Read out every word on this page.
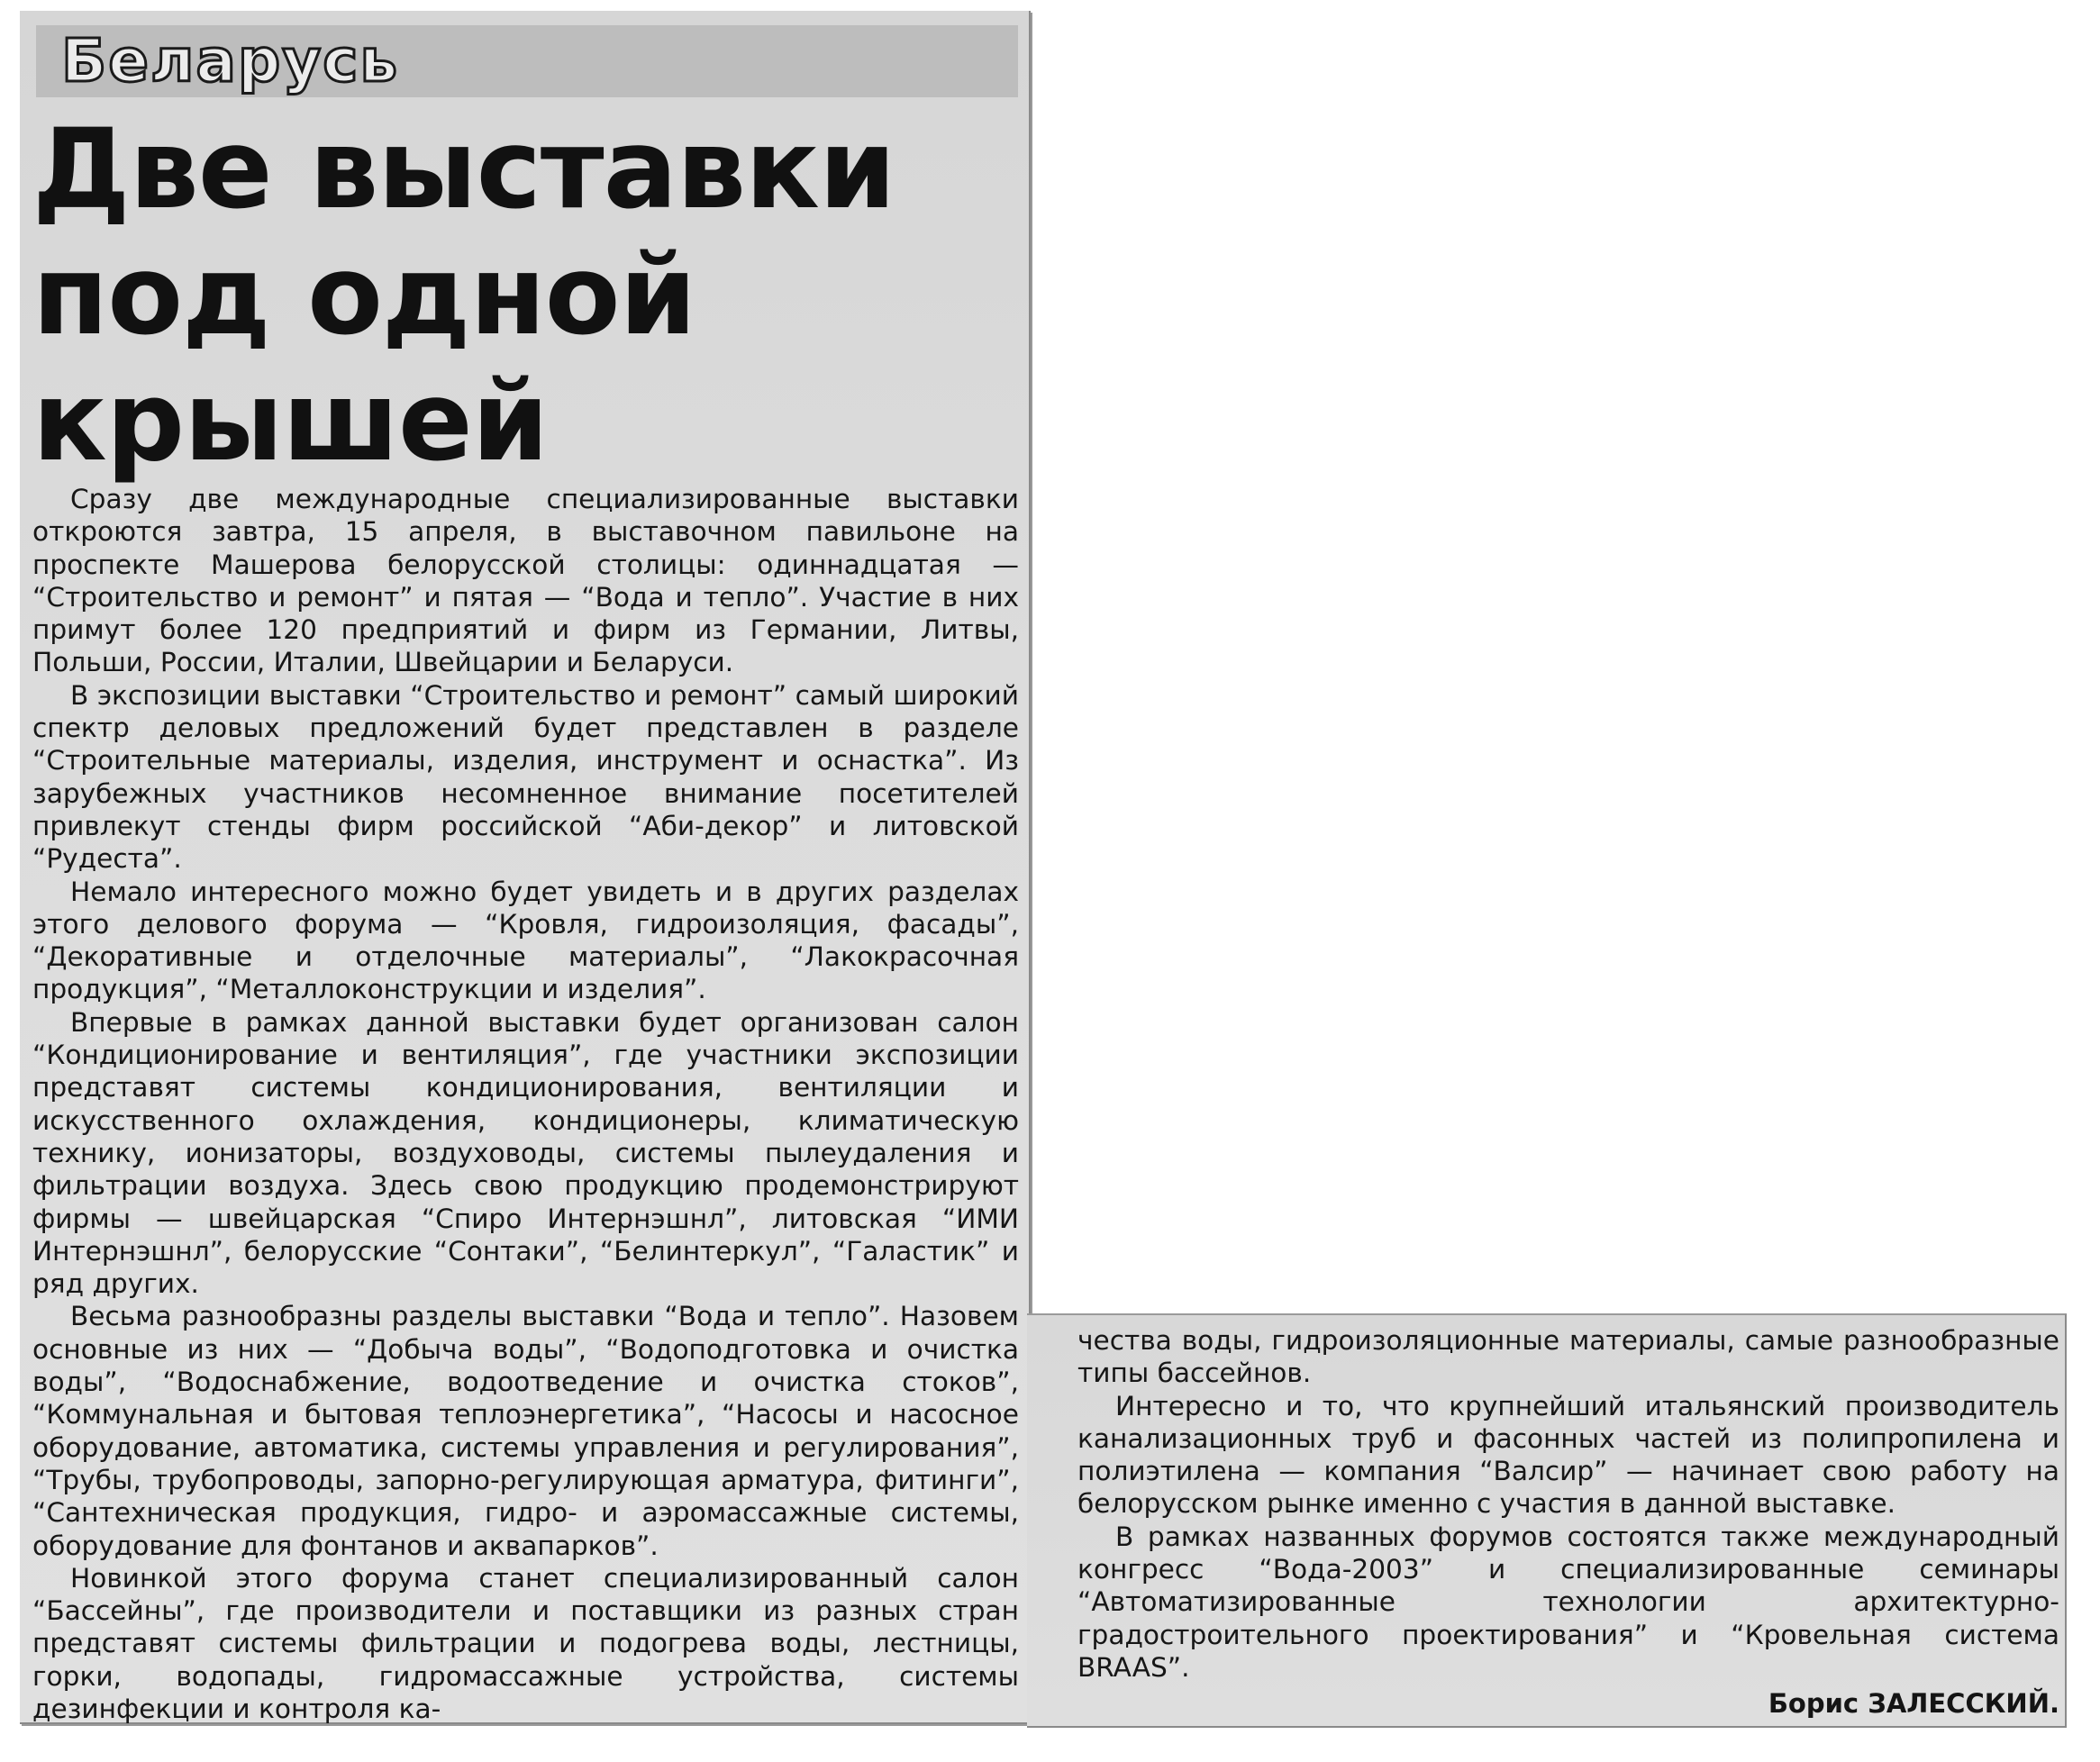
Беларусь
Две выставки
под одной
крышей

Сразу две международные специализированные выставки откроются завтра, 15 апреля, в выставочном павильоне на проспекте Машерова белорусской столицы: одиннадцатая — “Строительство и ремонт” и пятая — “Вода и тепло”. Участие в них примут более 120 предприятий и фирм из Германии, Литвы, Польши, России, Италии, Швейцарии и Беларуси.

В экспозиции выставки “Строительство и ремонт” самый широкий спектр деловых предложений будет представлен в разделе “Строительные материалы, изделия, инструмент и оснастка”. Из зарубежных участников несомненное внимание посетителей привлекут стенды фирм российской “Аби-декор” и литовской “Рудеста”.

Немало интересного можно будет увидеть и в других разделах этого делового форума — “Кровля, гидроизоляция, фасады”, “Декоративные и отделочные материалы”, “Лакокрасочная продукция”, “Металлоконструкции и изделия”.

Впервые в рамках данной выставки будет организован салон “Кондиционирование и вентиляция”, где участники экспозиции представят системы кондиционирования, вентиляции и искусственного охлаждения, кондиционеры, климатическую технику, ионизаторы, воздуховоды, системы пылеудаления и фильтрации воздуха. Здесь свою продукцию продемонстрируют фирмы — швейцарская “Спиро Интернэшнл”, литовская “ИМИ Интернэшнл”, белорусские “Сонтаки”, “Белинтеркул”, “Галастик” и ряд других.

Весьма разнообразны разделы выставки “Вода и тепло”. Назовем основные из них — “Добыча воды”, “Водоподготовка и очистка воды”, “Водоснабжение, водоотведение и очистка стоков”, “Коммунальная и бытовая теплоэнергетика”, “Насосы и насосное оборудование, автоматика, системы управления и регулирования”, “Трубы, трубопроводы, запорно-регулирующая арматура, фитинги”, “Сантехническая продукция, гидро- и аэромассажные системы, оборудование для фонтанов и аквапарков”.

Новинкой этого форума станет специализированный салон “Бассейны”, где производители и поставщики из разных стран представят системы фильтрации и подогрева воды, лестницы, горки, водопады, гидромассажные устройства, системы дезинфекции и контроля ка-

чества воды, гидроизоляционные материалы, самые разнообразные типы бассейнов.

Интересно и то, что крупнейший итальянский производитель канализационных труб и фасонных частей из полипропилена и полиэтилена — компания “Валсир” — начинает свою работу на белорусском рынке именно с участия в данной выставке.

В рамках названных форумов состоятся также международный конгресс “Вода-2003” и специализированные семинары “Автоматизированные технологии архитектурно-градостроительного проектирования” и “Кровельная система BRAAS”.

Борис ЗАЛЕССКИЙ.
